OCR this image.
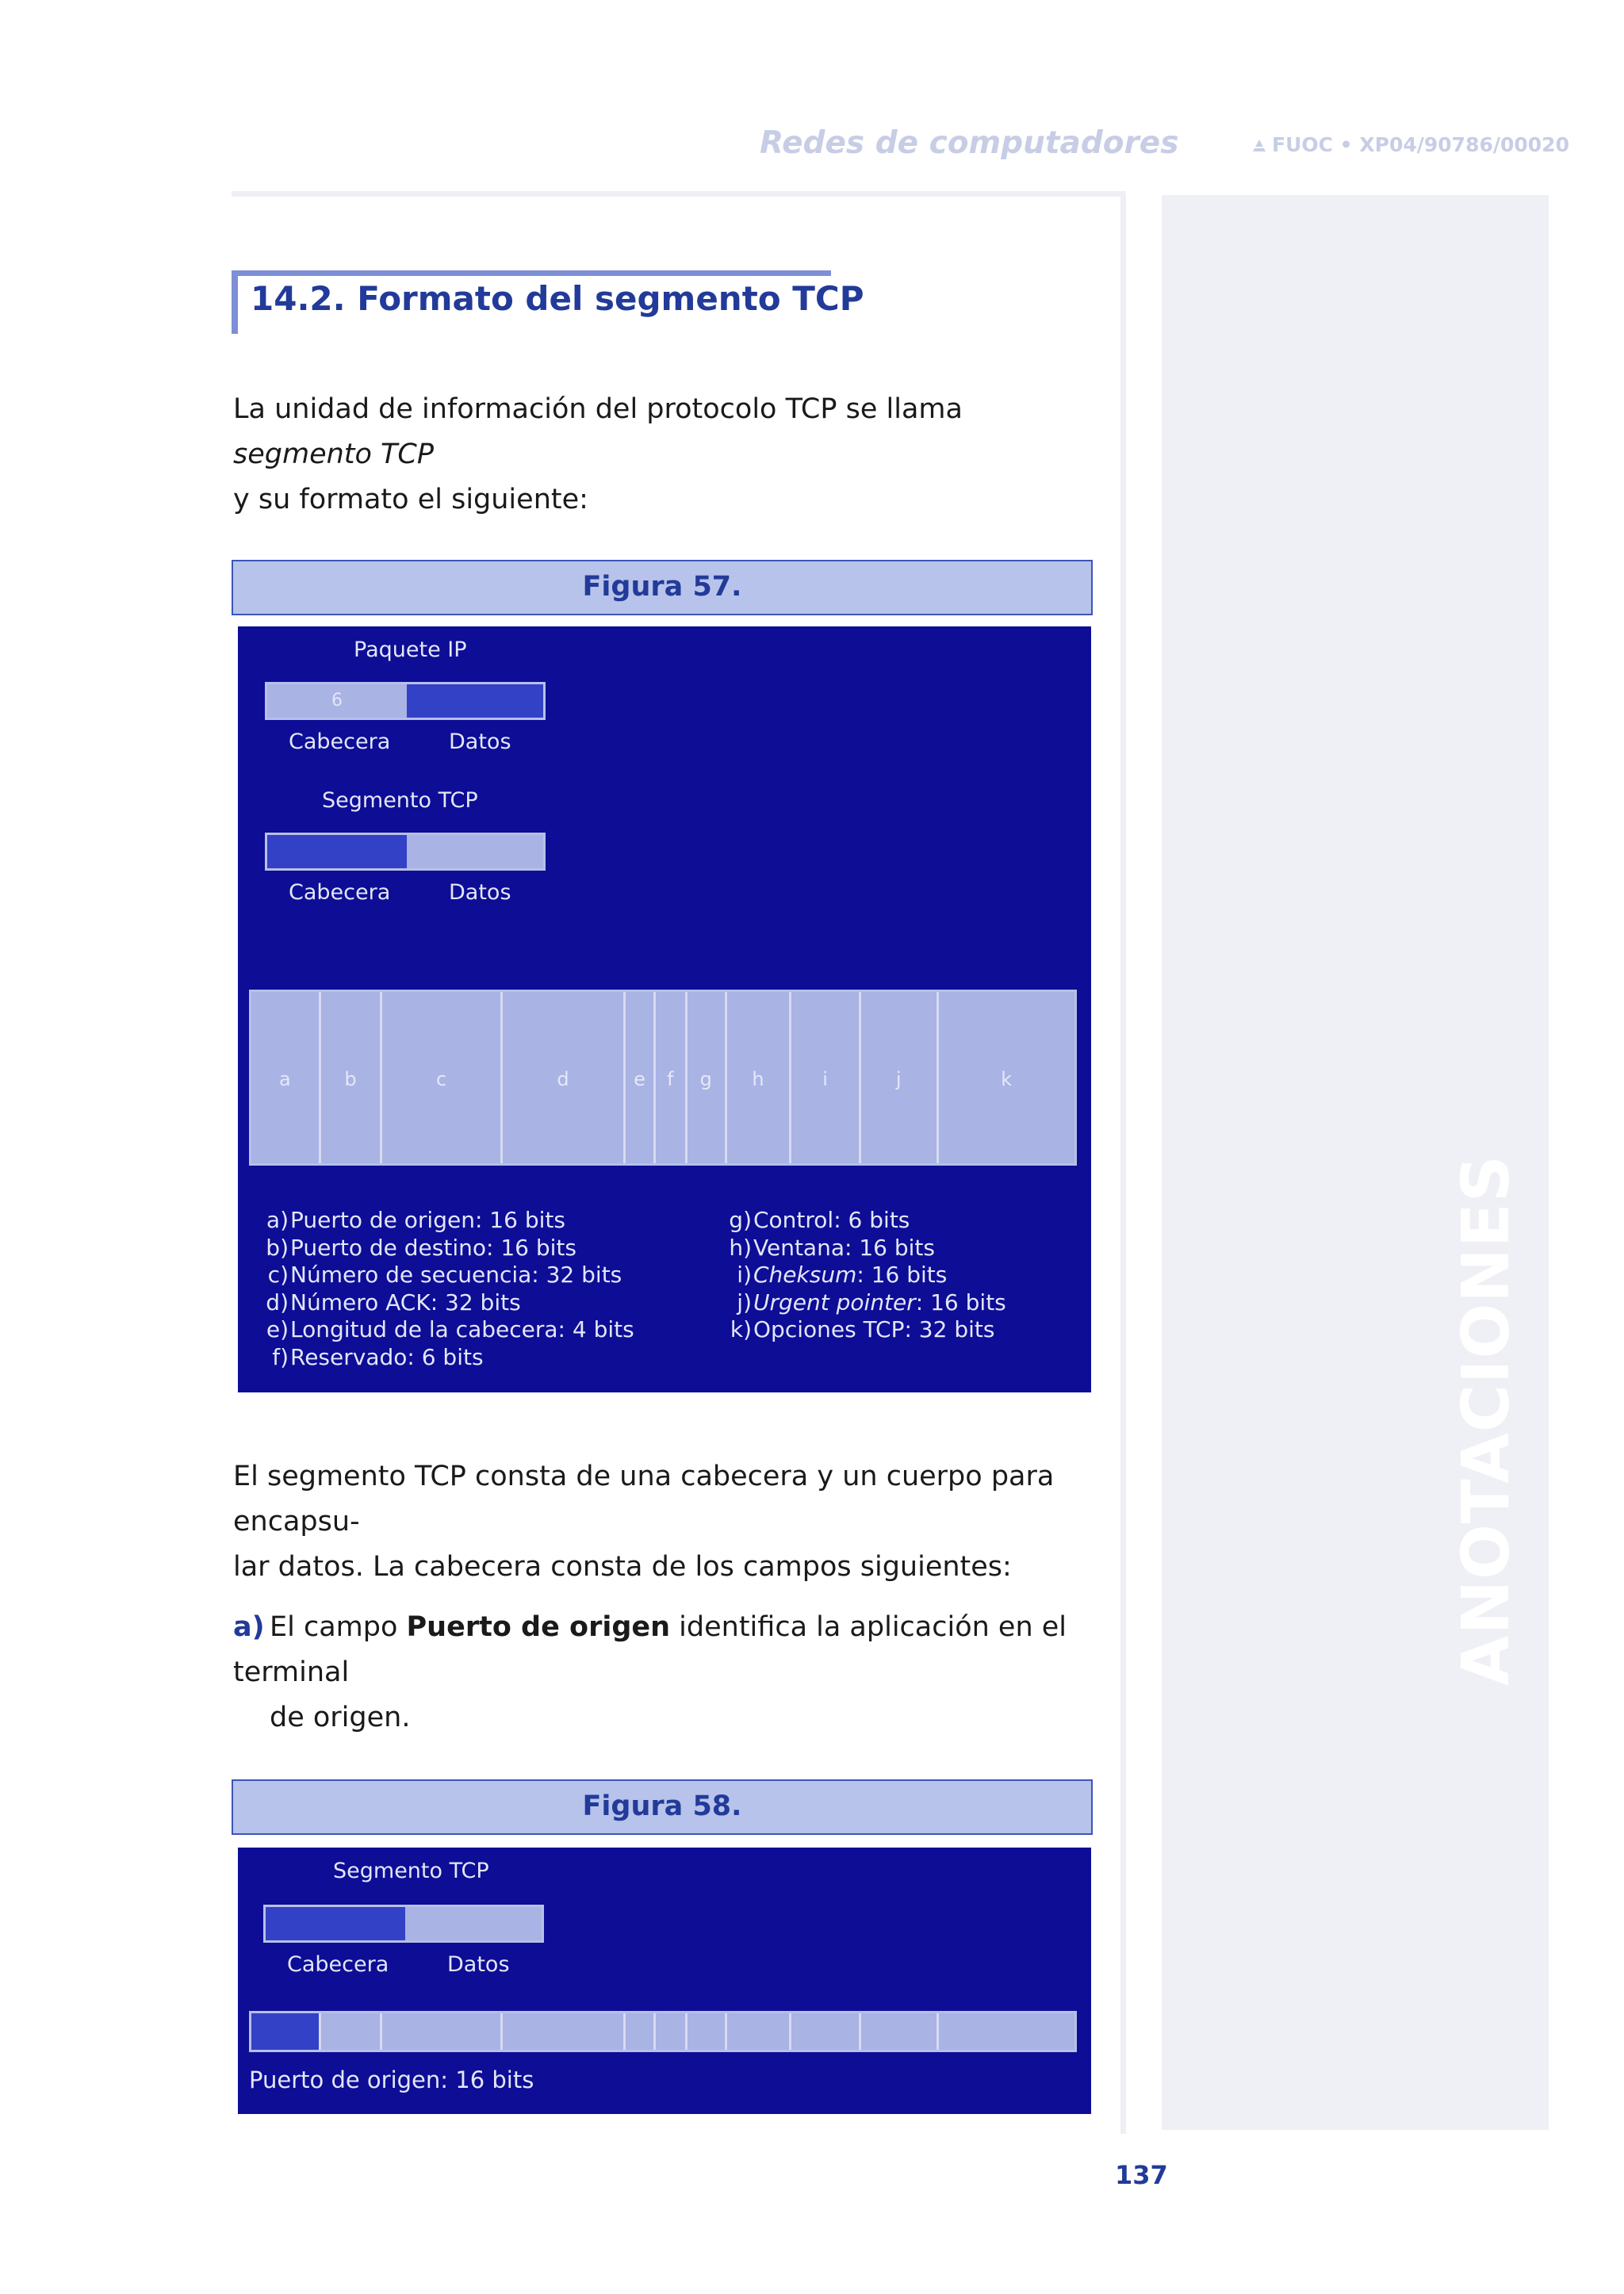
Redes de computadores	FUOC • XP04/90786/00020
ANOTACIONES
14.2. Formato del segmento TCP
La unidad de información del protocolo TCP se llama segmento TCP
y su formato el siguiente:
Figura 57.
Paquete IP
6
Cabecera	Datos
Segmento TCP
Cabecera	Datos
a	b	c	d	e	f	g	h	i	j	k
a)Puerto de origen: 16 bits
b)Puerto de destino: 16 bits
c)Número de secuencia: 32 bits
d)Número ACK: 32 bits
e)Longitud de la cabecera: 4 bits
f)Reservado: 6 bits
g)Control: 6 bits
h)Ventana: 16 bits
i)Cheksum: 16 bits
j)Urgent pointer: 16 bits
k)Opciones TCP: 32 bits
El segmento TCP consta de una cabecera y un cuerpo para encapsu-
lar datos. La cabecera consta de los campos siguientes:
a) El campo Puerto de origen identifica la aplicación en el terminal
de origen.
Figura 58.
Segmento TCP
Cabecera	Datos
Puerto de origen: 16 bits
137
